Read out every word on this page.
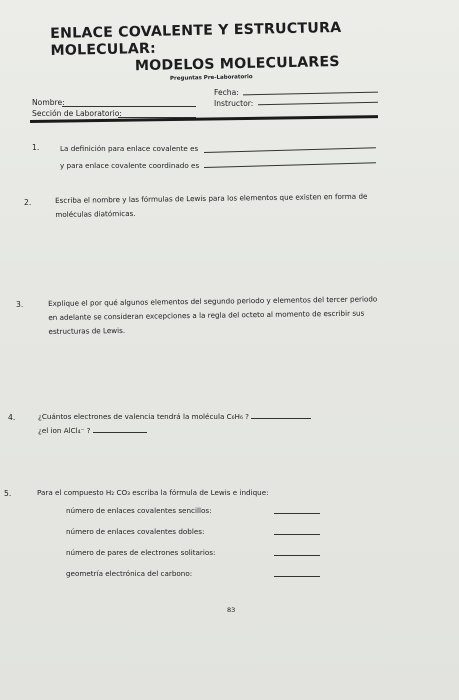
ENLACE COVALENTE Y ESTRUCTURA MOLECULAR:
MODELOS MOLECULARES
Preguntas Pre-Laboratorio
Nombre:
Sección de Laboratorio:
Fecha:
Instructor:
1.	La definición para enlace covalente es
y para enlace covalente coordinado es
2.	Escriba el nombre y las fórmulas de Lewis para los elementos que existen en forma de
moléculas diatómicas.
3.	Explique el por qué algunos elementos del segundo periodo y elementos del tercer periodo
en adelante se consideran excepciones a la regla del octeto al momento de escribir sus
estructuras de Lewis.
4.	¿Cuántos electrones de valencia tendrá la molécula C₆H₆ ?
¿el ion AlCl₄⁻ ?
5.	Para el compuesto H₂ CO₃ escriba la fórmula de Lewis e indique:
número de enlaces covalentes sencillos:
número de enlaces covalentes dobles:
número de pares de electrones solitarios:
geometría electrónica del carbono:
83
